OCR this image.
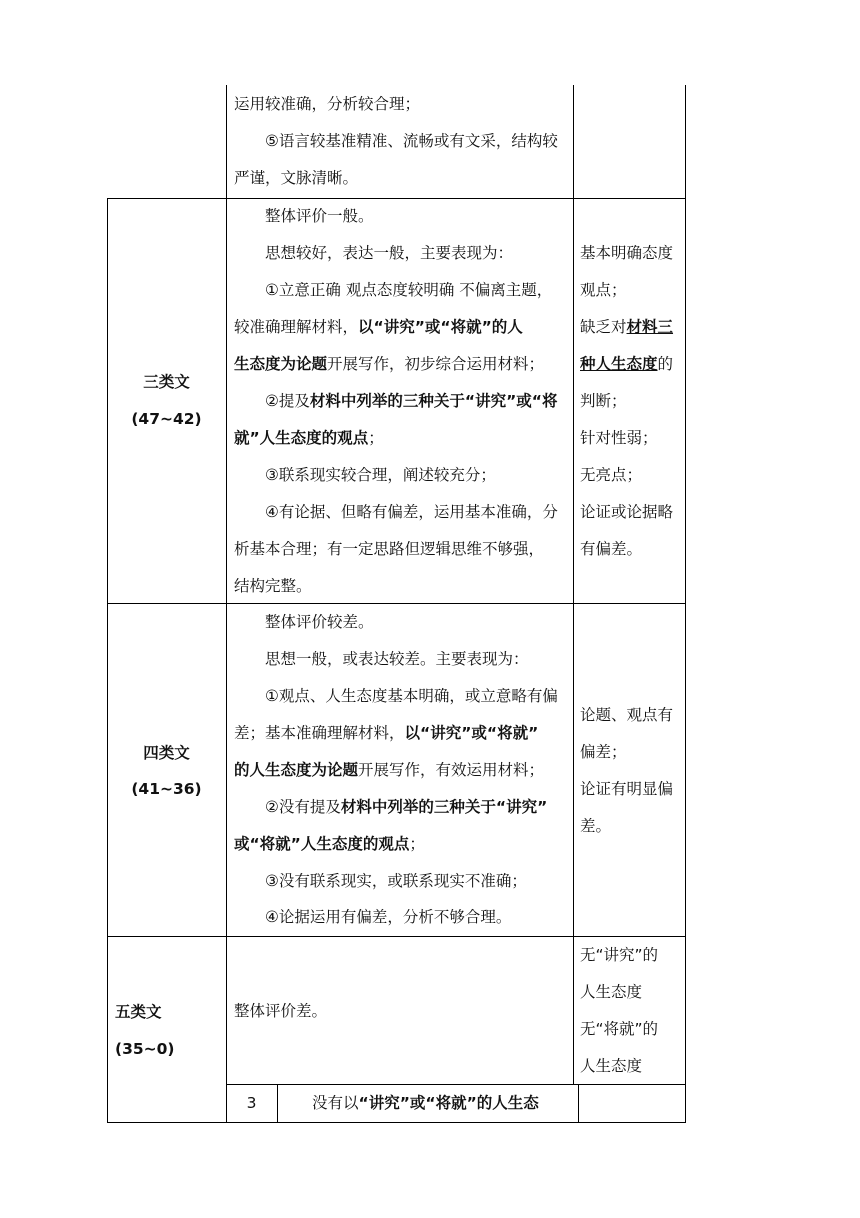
运用较准确，分析较合理；
⑤语言较基准精准、流畅或有文采，结构较
严谨，文脉清晰。
三类文
(47~42)
整体评价一般。
思想较好，表达一般，主要表现为：
①立意正确 观点态度较明确 不偏离主题，
较准确理解材料，以“讲究”或“将就”的人
生态度为论题开展写作，初步综合运用材料；
②提及材料中列举的三种关于“讲究”或“将
就”人生态度的观点；
③联系现实较合理，阐述较充分；
④有论据、但略有偏差，运用基本准确，分
析基本合理；有一定思路但逻辑思维不够强，
结构完整。
基本明确态度
观点；
缺乏对材料三
种人生态度的
判断；
针对性弱；
无亮点；
论证或论据略
有偏差。
四类文
(41~36)
整体评价较差。
思想一般，或表达较差。主要表现为：
①观点、人生态度基本明确，或立意略有偏
差；基本准确理解材料，以“讲究”或“将就”
的人生态度为论题开展写作，有效运用材料；
②没有提及材料中列举的三种关于“讲究”
或“将就”人生态度的观点；
③没有联系现实，或联系现实不准确；
④论据运用有偏差，分析不够合理。
论题、观点有
偏差；
论证有明显偏
差。
五类文
(35~0)
整体评价差。
无“讲究”的
人生态度
无“将就”的
人生态度
3	没有以“讲究”或“将就”的人生态
